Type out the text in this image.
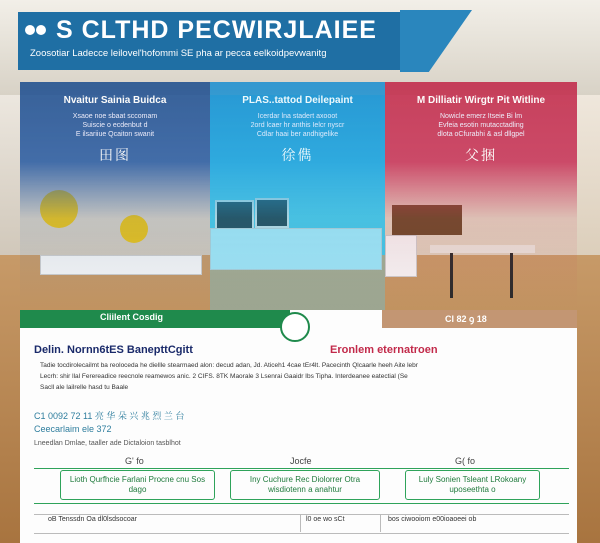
Nvaitur Sainia Buidca
Xsaoe noe sbaat sccomam
Suiscie o ecdenbut d
E ilsariiue Qcaiton swanit
田图
PLAS..tattod Deilepaint
Icerdar lna stadert axooot
2ord lcaer hr anthis Ielcr nyscr
Cdlar haai ber andhigelike
徐儁
M Dilliatir Wirgtr Pit Witline
Nowicle emerz Itseie Bi lm
Evfeia esotin mutacctadling
dlota oCfurabhi & asl dllgpel
父捆
S CLTHD PECWIRJLAIEE
Zoosotiar Ladecce leilovel'hofommi SE pha ar pecca eelkoidpevwanitg
Cliilent Cosdig	Cl 82 ꝯ 18
Delin. Nornn6tES BanepttCgitt	Eronlem eternatroen
Tadie tocdirolecailmt ba reoloceda he diellle stearmaed alon: decud adan, Jd. Aticeh1 4cae tEr4lt. Pacecinth Qlcaarle heeh Aite lebr
Lecrh: shir llal Ferereadice reecnole reamewos anic. 2 CIFS. 8TK Maorale 3 Lsenrai Gaaidr Ibs Tipha. Interdeanee eatectial (Se
Sacll ale lailrelle hasd tu Baale
C1 0092 72 11 亮 华 朵 兴 兆 烈 兰 台
Ceecarlaim ele 372
Lneedlan Dmlae, taaller ade Dictaloion tasblhot
G' fo	Jocfe	G( fo
Lioth Qurfhcie Farlani Procne cnu Sos dago
Iny Cuchure Rec Diolorrer Otra wisdiotenn a anahtur
Luly Sonien Tsleant LRokoany uposeethta o
oB Tenssdn Oa dl0lsdsocoar	l0 oe wo sCt	bos ciwooiom e00ioaoeei ob
